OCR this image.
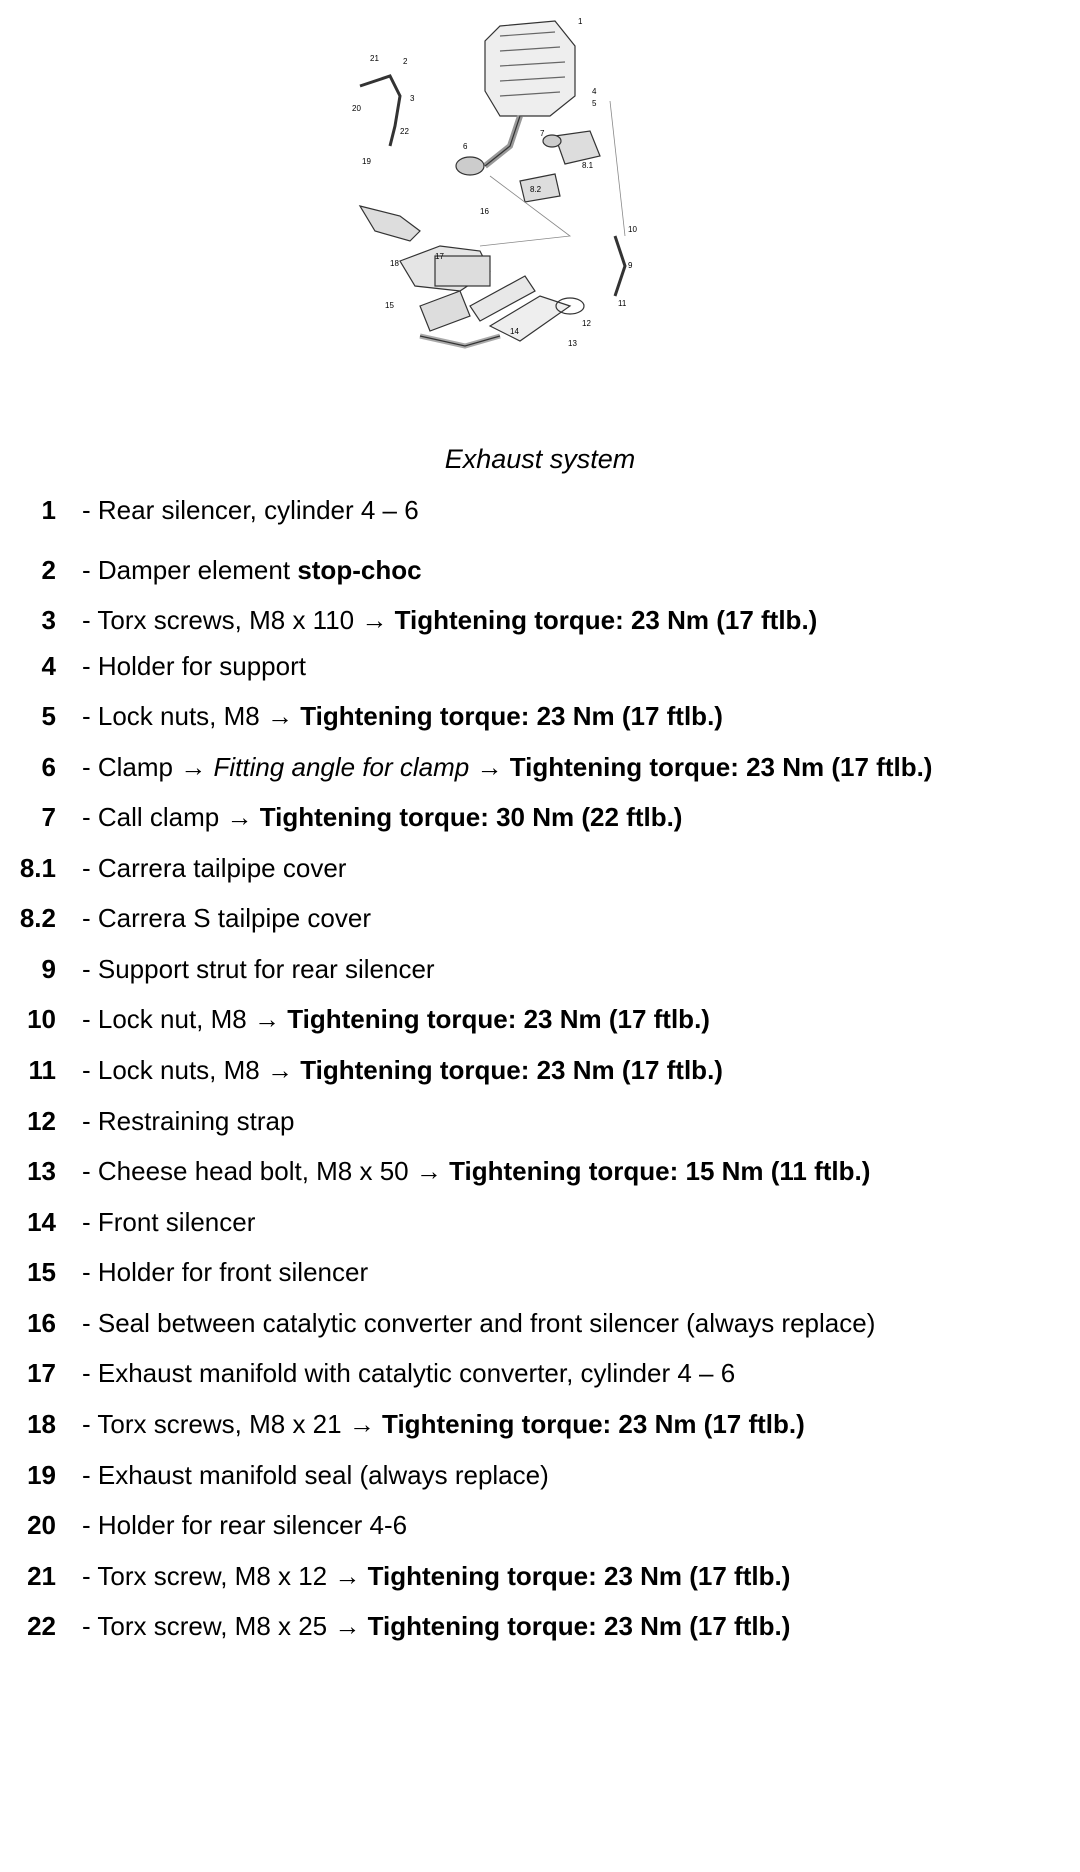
1
2
3
4
5
6
7
8.1
8.2
9
10
11
12
13
14
15
16
17
18
19
20
21
22
Exhaust system
1 - Rear silencer, cylinder 4 – 6
2 - Damper element stop-choc
3 - Torx screws, M8 x 110 → Tightening torque: 23 Nm (17 ftlb.)
4 - Holder for support
5 - Lock nuts, M8 → Tightening torque: 23 Nm (17 ftlb.)
6 - Clamp → Fitting angle for clamp → Tightening torque: 23 Nm (17 ftlb.)
7 - Call clamp → Tightening torque: 30 Nm (22 ftlb.)
8.1 - Carrera tailpipe cover
8.2 - Carrera S tailpipe cover
9 - Support strut for rear silencer
10 - Lock nut, M8 → Tightening torque: 23 Nm (17 ftlb.)
11 - Lock nuts, M8 → Tightening torque: 23 Nm (17 ftlb.)
12 - Restraining strap
13 - Cheese head bolt, M8 x 50 → Tightening torque: 15 Nm (11 ftlb.)
14 - Front silencer
15 - Holder for front silencer
16 - Seal between catalytic converter and front silencer (always replace)
17 - Exhaust manifold with catalytic converter, cylinder 4 – 6
18 - Torx screws, M8 x 21 → Tightening torque: 23 Nm (17 ftlb.)
19 - Exhaust manifold seal (always replace)
20 - Holder for rear silencer 4-6
21 - Torx screw, M8 x 12 → Tightening torque: 23 Nm (17 ftlb.)
22 - Torx screw, M8 x 25 → Tightening torque: 23 Nm (17 ftlb.)
